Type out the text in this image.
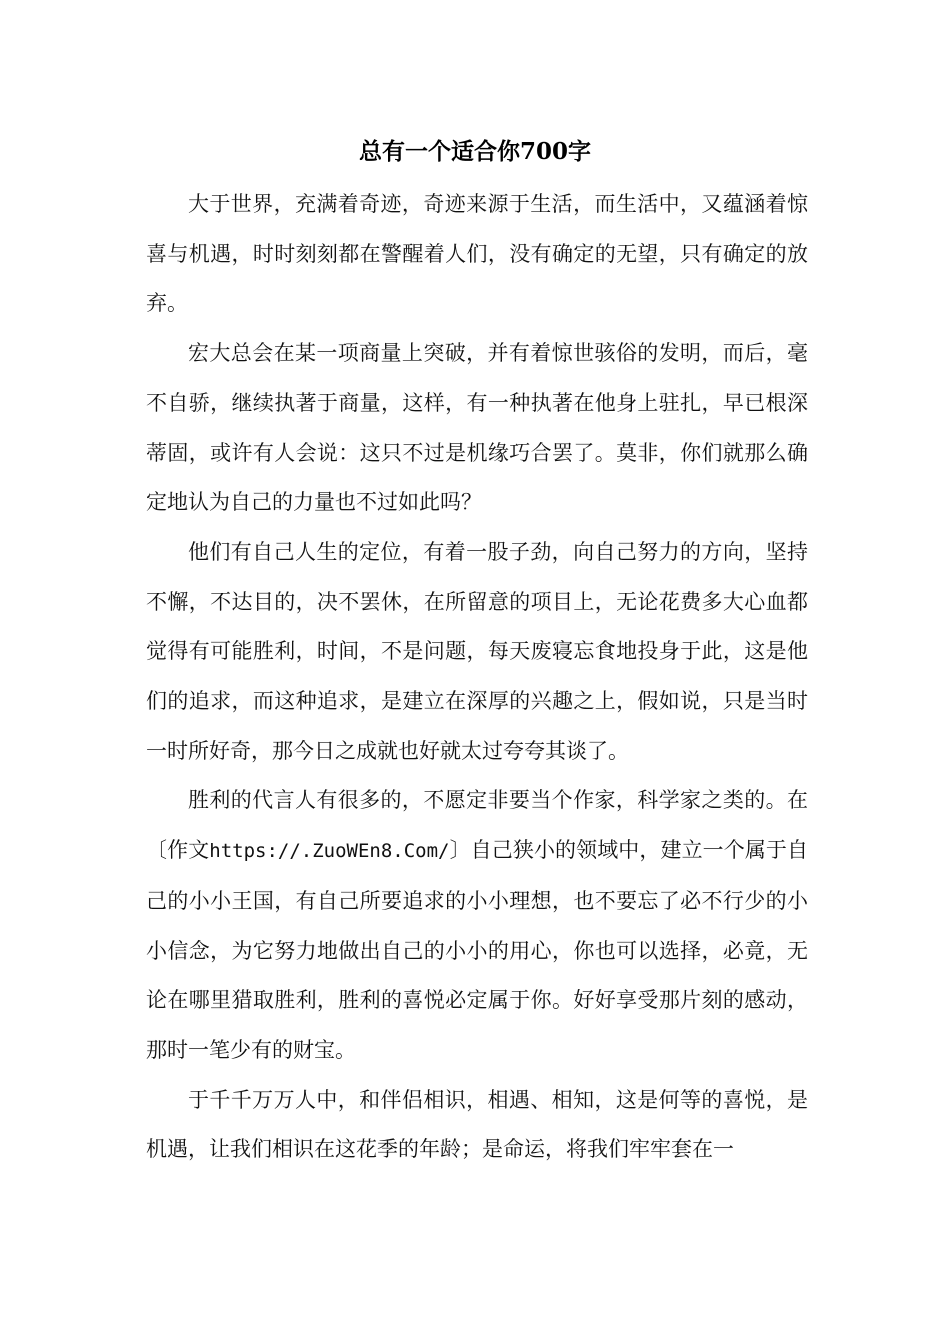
总有一个适合你700字

大于世界，充满着奇迹，奇迹来源于生活，而生活中，又蕴涵着惊喜与机遇，时时刻刻都在警醒着人们，没有确定的无望，只有确定的放弃。

宏大总会在某一项商量上突破，并有着惊世骇俗的发明，而后，毫不自骄，继续执著于商量，这样，有一种执著在他身上驻扎，早已根深蒂固，或许有人会说：这只不过是机缘巧合罢了。莫非，你们就那么确定地认为自己的力量也不过如此吗？

他们有自己人生的定位，有着一股子劲，向自己努力的方向，坚持不懈，不达目的，决不罢休，在所留意的项目上，无论花费多大心血都觉得有可能胜利，时间，不是问题，每天废寝忘食地投身于此，这是他们的追求，而这种追求，是建立在深厚的兴趣之上，假如说，只是当时一时所好奇，那今日之成就也好就太过夸夸其谈了。

胜利的代言人有很多的，不愿定非要当个作家，科学家之类的。在〔作文https://.ZuoWEn8.Com/〕自己狭小的领域中，建立一个属于自己的小小王国，有自己所要追求的小小理想，也不要忘了必不行少的小小信念，为它努力地做出自己的小小的用心，你也可以选择，必竟，无论在哪里猎取胜利，胜利的喜悦必定属于你。好好享受那片刻的感动，那时一笔少有的财宝。

于千千万万人中，和伴侣相识，相遇、相知，这是何等的喜悦，是机遇，让我们相识在这花季的年龄；是命运，将我们牢牢套在一
